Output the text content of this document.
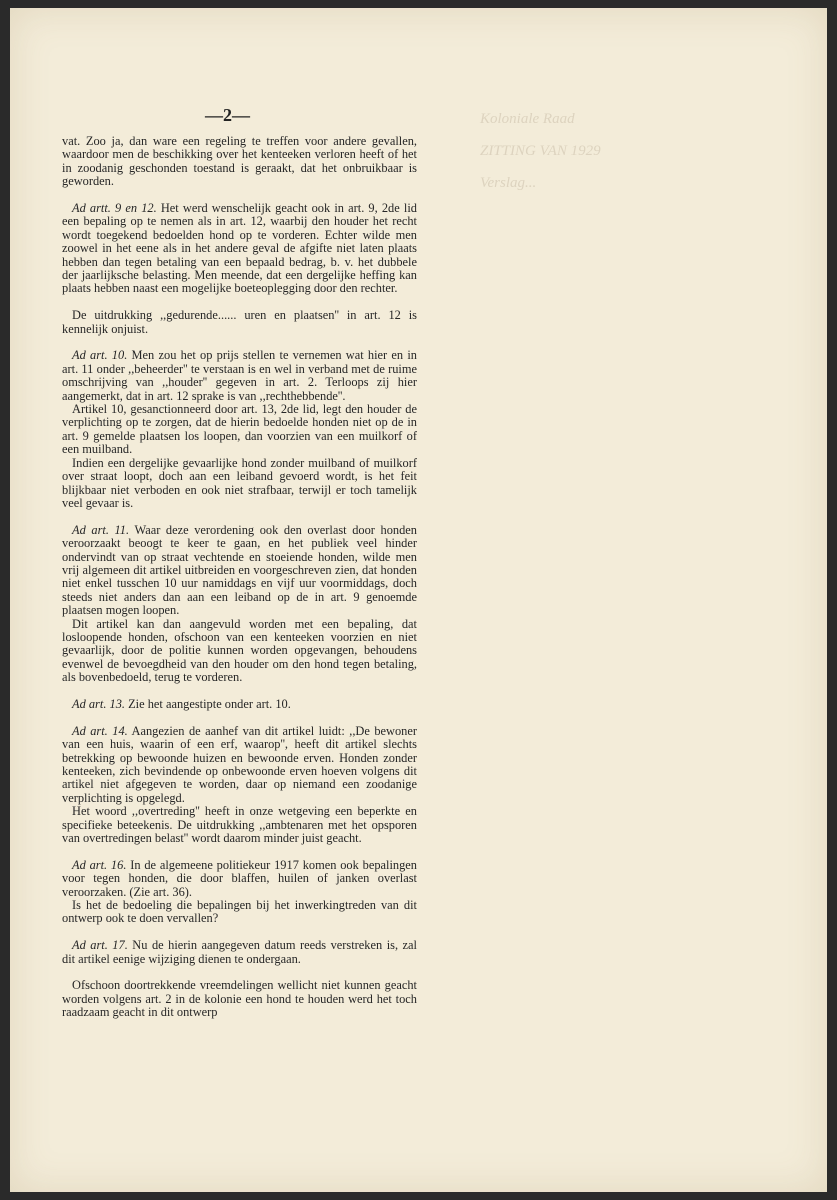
Koloniale Raad
ZITTING VAN 1929
Verslag...
—2—

vat. Zoo ja, dan ware een regeling te treffen voor andere gevallen, waardoor men de beschikking over het kenteeken verloren heeft of het in zoodanig geschonden toestand is geraakt, dat het onbruikbaar is geworden.

Ad artt. 9 en 12. Het werd wenschelijk geacht ook in art. 9, 2de lid een bepaling op te nemen als in art. 12, waarbij den houder het recht wordt toegekend bedoelden hond op te vorderen. Echter wilde men zoowel in het eene als in het andere geval de afgifte niet laten plaats hebben dan tegen betaling van een bepaald bedrag, b. v. het dubbele der jaarlijksche belasting. Men meende, dat een dergelijke heffing kan plaats hebben naast een mogelijke boeteoplegging door den rechter.

De uitdrukking ,,gedurende...... uren en plaatsen'' in art. 12 is kennelijk onjuist.

Ad art. 10. Men zou het op prijs stellen te vernemen wat hier en in art. 11 onder ,,beheerder'' te verstaan is en wel in verband met de ruime omschrijving van ,,houder'' gegeven in art. 2. Terloops zij hier aangemerkt, dat in art. 12 sprake is van ,,rechthebbende''.

Artikel 10, gesanctionneerd door art. 13, 2de lid, legt den houder de verplichting op te zorgen, dat de hierin bedoelde honden niet op de in art. 9 gemelde plaatsen los loopen, dan voorzien van een muilkorf of een muilband.

Indien een dergelijke gevaarlijke hond zonder muilband of muilkorf over straat loopt, doch aan een leiband gevoerd wordt, is het feit blijkbaar niet verboden en ook niet strafbaar, terwijl er toch tamelijk veel gevaar is.

Ad art. 11. Waar deze verordening ook den overlast door honden veroorzaakt beoogt te keer te gaan, en het publiek veel hinder ondervindt van op straat vechtende en stoeiende honden, wilde men vrij algemeen dit artikel uitbreiden en voorgeschreven zien, dat honden niet enkel tusschen 10 uur namiddags en vijf uur voormiddags, doch steeds niet anders dan aan een leiband op de in art. 9 genoemde plaatsen mogen loopen.

Dit artikel kan dan aangevuld worden met een bepaling, dat losloopende honden, ofschoon van een kenteeken voorzien en niet gevaarlijk, door de politie kunnen worden opgevangen, behoudens evenwel de bevoegdheid van den houder om den hond tegen betaling, als bovenbedoeld, terug te vorderen.

Ad art. 13. Zie het aangestipte onder art. 10.

Ad art. 14. Aangezien de aanhef van dit artikel luidt: ,,De bewoner van een huis, waarin of een erf, waarop'', heeft dit artikel slechts betrekking op bewoonde huizen en bewoonde erven. Honden zonder kenteeken, zich bevindende op onbewoonde erven hoeven volgens dit artikel niet afgegeven te worden, daar op niemand een zoodanige verplichting is opgelegd.

Het woord ,,overtreding'' heeft in onze wetgeving een beperkte en specifieke beteekenis. De uitdrukking ,,ambtenaren met het opsporen van overtredingen belast'' wordt daarom minder juist geacht.

Ad art. 16. In de algemeene politiekeur 1917 komen ook bepalingen voor tegen honden, die door blaffen, huilen of janken overlast veroorzaken. (Zie art. 36).

Is het de bedoeling die bepalingen bij het inwerkingtreden van dit ontwerp ook te doen vervallen?

Ad art. 17. Nu de hierin aangegeven datum reeds verstreken is, zal dit artikel eenige wijziging dienen te ondergaan.

Ofschoon doortrekkende vreemdelingen wellicht niet kunnen geacht worden volgens art. 2 in de kolonie een hond te houden werd het toch raadzaam geacht in dit ontwerp
